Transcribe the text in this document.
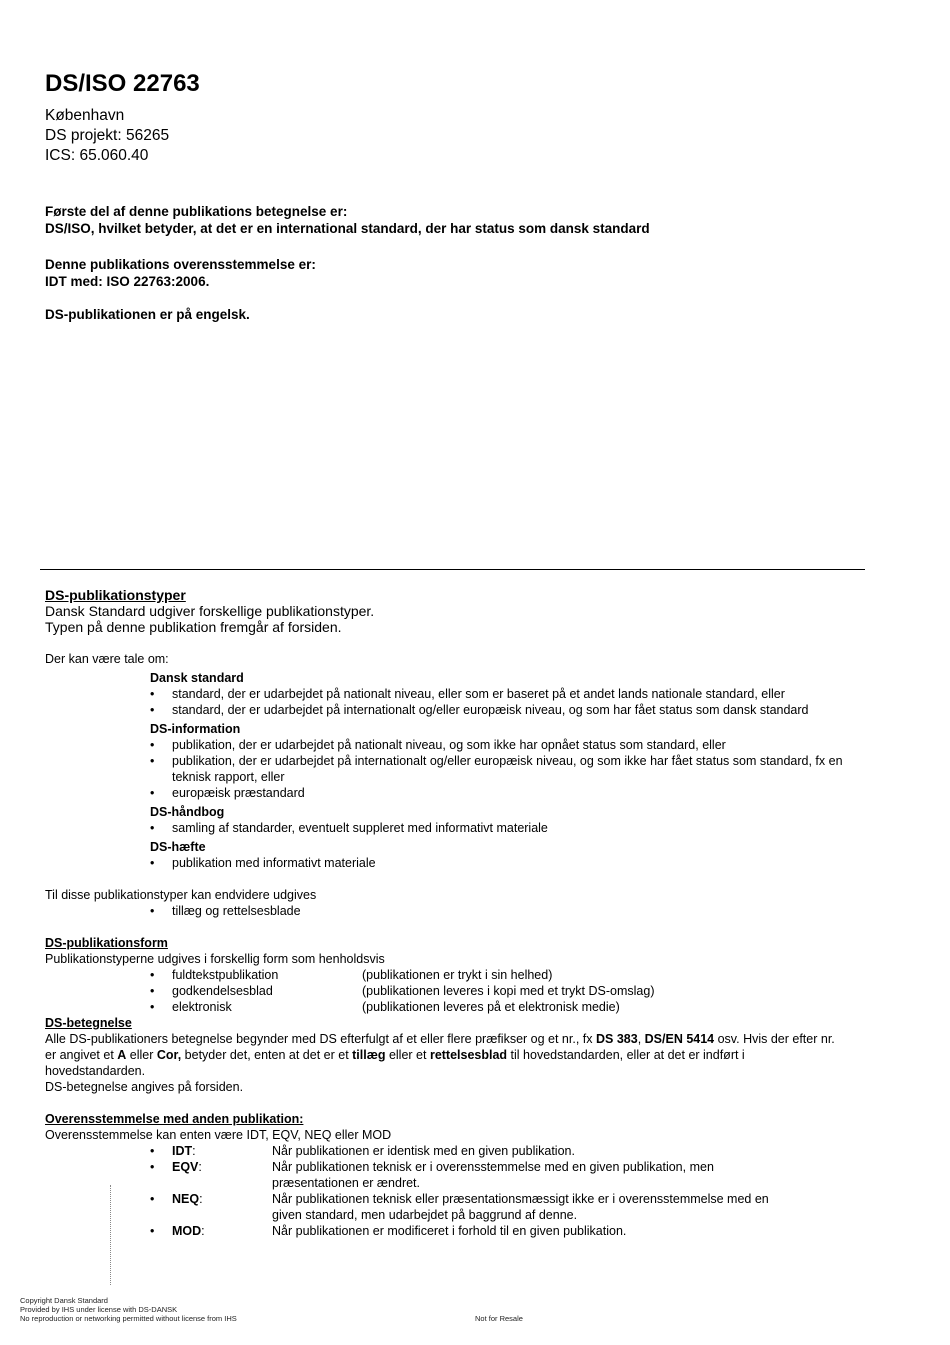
DS/ISO 22763
København
DS projekt: 56265
ICS: 65.060.40
Første del af denne publikations betegnelse er:
DS/ISO, hvilket betyder, at det er en international standard, der har status som dansk standard
Denne publikations overensstemmelse er:
IDT med: ISO 22763:2006.
DS-publikationen er på engelsk.
DS-publikationstyper
Dansk Standard udgiver forskellige publikationstyper.
Typen på denne publikation fremgår af forsiden.
Der kan være tale om:
Dansk standard
• standard, der er udarbejdet på nationalt niveau, eller som er baseret på et andet lands nationale standard, eller
• standard, der er udarbejdet på internationalt og/eller europæisk niveau, og som har fået status som dansk standard
DS-information
• publikation, der er udarbejdet på nationalt niveau, og som ikke har opnået status som standard, eller
• publikation, der er udarbejdet på internationalt og/eller europæisk niveau, og som ikke har fået status som standard, fx en teknisk rapport, eller
• europæisk præstandard
DS-håndbog
• samling af standarder, eventuelt suppleret med informativt materiale
DS-hæfte
• publikation med informativt materiale
Til disse publikationstyper kan endvidere udgives
• tillæg og rettelsesblade
DS-publikationsform
Publikationstyperne udgives i forskellig form som henholdsvis
• fuldtekstpublikation	(publikationen er trykt i sin helhed)
• godkendelsesblad	(publikationen leveres i kopi med et trykt DS-omslag)
• elektronisk	(publikationen leveres på et elektronisk medie)
DS-betegnelse
Alle DS-publikationers betegnelse begynder med DS efterfulgt af et eller flere præfikser og et nr., fx DS 383, DS/EN 5414 osv. Hvis der efter nr.
er angivet et A eller Cor, betyder det, enten at det er et tillæg eller et rettelsesblad til hovedstandarden, eller at det er indført i
hovedstandarden.
DS-betegnelse angives på forsiden.
Overensstemmelse med anden publikation:
Overensstemmelse kan enten være IDT, EQV, NEQ eller MOD
• IDT:	Når publikationen er identisk med en given publikation.
• EQV:	Når publikationen teknisk er i overensstemmelse med en given publikation, men
præsentationen er ændret.
• NEQ:	Når publikationen teknisk eller præsentationsmæssigt ikke er i overensstemmelse med en
given standard, men udarbejdet på baggrund af denne.
• MOD:	Når publikationen er modificeret i forhold til en given publikation.
Copyright Dansk Standard
Provided by IHS under license with DS-DANSK
No reproduction or networking permitted without license from IHS	Not for Resale
